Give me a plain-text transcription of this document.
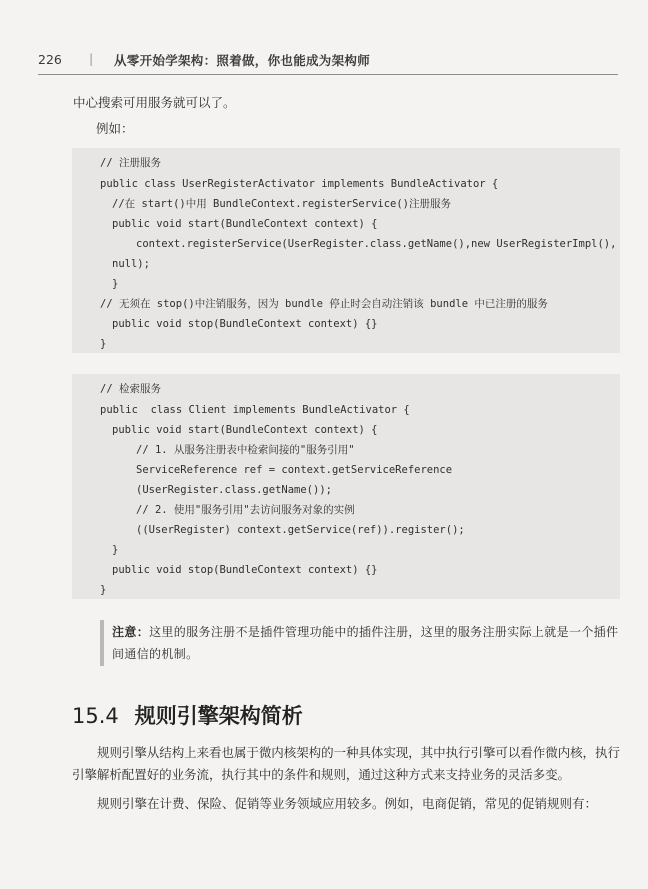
226 | 从零开始学架构：照着做，你也能成为架构师
中心搜索可用服务就可以了。
例如：
// 注册服务
public class UserRegisterActivator implements BundleActivator {
//在 start()中用 BundleContext.registerService()注册服务
public void start(BundleContext context) {
context.registerService(UserRegister.class.getName(),new UserRegisterImpl(),
null);
}
// 无须在 stop()中注销服务，因为 bundle 停止时会自动注销该 bundle 中已注册的服务
public void stop(BundleContext context) {}
}
// 检索服务
public  class Client implements BundleActivator {
public void start(BundleContext context) {
// 1. 从服务注册表中检索间接的"服务引用"
ServiceReference ref = context.getServiceReference
(UserRegister.class.getName());
// 2. 使用"服务引用"去访问服务对象的实例
((UserRegister) context.getService(ref)).register();
}
public void stop(BundleContext context) {}
}
注意：这里的服务注册不是插件管理功能中的插件注册，这里的服务注册实际上就是一个插件间通信的机制。
15.4 规则引擎架构简析
规则引擎从结构上来看也属于微内核架构的一种具体实现，其中执行引擎可以看作微内核，执行引擎解析配置好的业务流，执行其中的条件和规则，通过这种方式来支持业务的灵活多变。
规则引擎在计费、保险、促销等业务领域应用较多。例如，电商促销，常见的促销规则有：
